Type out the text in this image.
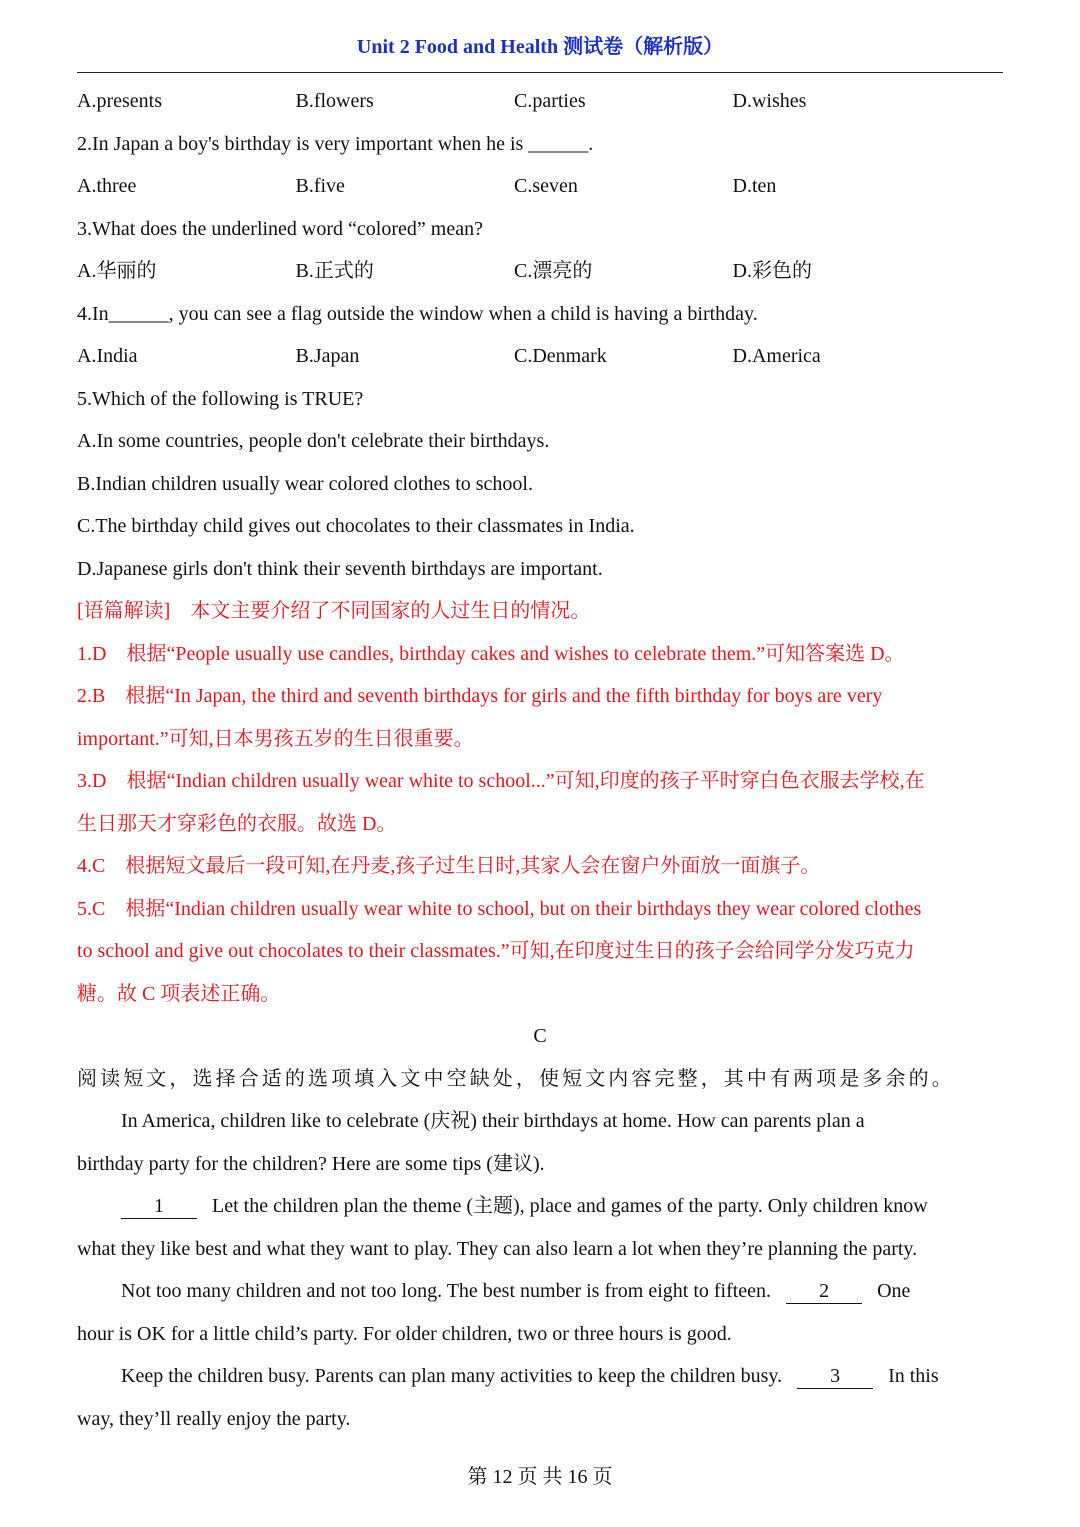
Unit 2 Food and Health 测试卷（解析版）
A.presents	B.flowers	C.parties	D.wishes
2.In Japan a boy's birthday is very important when he is ______.
A.three	B.five	C.seven	D.ten
3.What does the underlined word “colored” mean?
A.华丽的	B.正式的	C.漂亮的	D.彩色的
4.In______, you can see a flag outside the window when a child is having a birthday.
A.India	B.Japan	C.Denmark	D.America
5.Which of the following is TRUE?
A.In some countries, people don't celebrate their birthdays.
B.Indian children usually wear colored clothes to school.
C.The birthday child gives out chocolates to their classmates in India.
D.Japanese girls don't think their seventh birthdays are important.
[语篇解读]　本文主要介绍了不同国家的人过生日的情况。
1.D　根据“People usually use candles, birthday cakes and wishes to celebrate them.”可知答案选 D。
2.B　根据“In Japan, the third and seventh birthdays for girls and the fifth birthday for boys are very
important.”可知,日本男孩五岁的生日很重要。
3.D　根据“Indian children usually wear white to school...”可知,印度的孩子平时穿白色衣服去学校,在
生日那天才穿彩色的衣服。故选 D。
4.C　根据短文最后一段可知,在丹麦,孩子过生日时,其家人会在窗户外面放一面旗子。
5.C　根据“Indian children usually wear white to school, but on their birthdays they wear colored clothes
to school and give out chocolates to their classmates.”可知,在印度过生日的孩子会给同学分发巧克力
糖。故 C 项表述正确。
C
阅读短文，选择合适的选项填入文中空缺处，使短文内容完整，其中有两项是多余的。
In America, children like to celebrate (庆祝) their birthdays at home. How can parents plan a
birthday party for the children? Here are some tips (建议).
1 Let the children plan the theme (主题), place and games of the party. Only children know
what they like best and what they want to play. They can also learn a lot when they’re planning the party.
Not too many children and not too long. The best number is from eight to fifteen. 2 One
hour is OK for a little child’s party. For older children, two or three hours is good.
Keep the children busy. Parents can plan many activities to keep the children busy. 3 In this
way, they’ll really enjoy the party.
第 12 页 共 16 页
